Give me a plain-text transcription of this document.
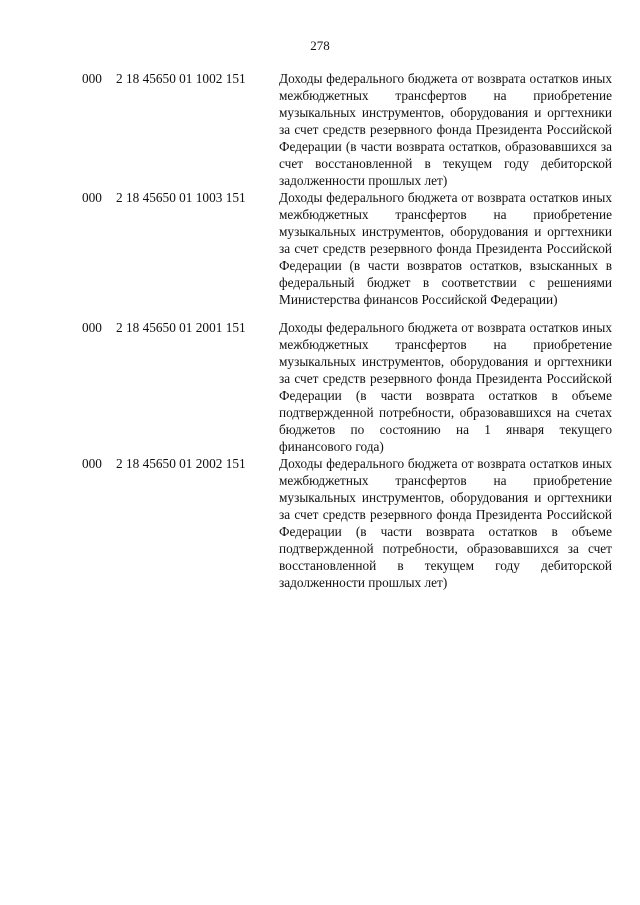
278
000	2 18 45650 01 1002 151	Доходы федерального бюджета от возврата остатков иных межбюджетных трансфертов на приобретение музыкальных инструментов, оборудования и оргтехники за счет средств резервного фонда Президента Российской Федерации (в части возврата остатков, образовавшихся за счет восстановленной в текущем году дебиторской задолженности прошлых лет)
000	2 18 45650 01 1003 151	Доходы федерального бюджета от возврата остатков иных межбюджетных трансфертов на приобретение музыкальных инструментов, оборудования и оргтехники за счет средств резервного фонда Президента Российской Федерации (в части возвратов остатков, взысканных в федеральный бюджет в соответствии с решениями Министерства финансов Российской Федерации)
000	2 18 45650 01 2001 151	Доходы федерального бюджета от возврата остатков иных межбюджетных трансфертов на приобретение музыкальных инструментов, оборудования и оргтехники за счет средств резервного фонда Президента Российской Федерации (в части возврата остатков в объеме подтвержденной потребности, образовавшихся на счетах бюджетов по состоянию на 1 января текущего финансового года)
000	2 18 45650 01 2002 151	Доходы федерального бюджета от возврата остатков иных межбюджетных трансфертов на приобретение музыкальных инструментов, оборудования и оргтехники за счет средств резервного фонда Президента Российской Федерации (в части возврата остатков в объеме подтвержденной потребности, образовавшихся за счет восстановленной в текущем году дебиторской задолженности прошлых лет)
